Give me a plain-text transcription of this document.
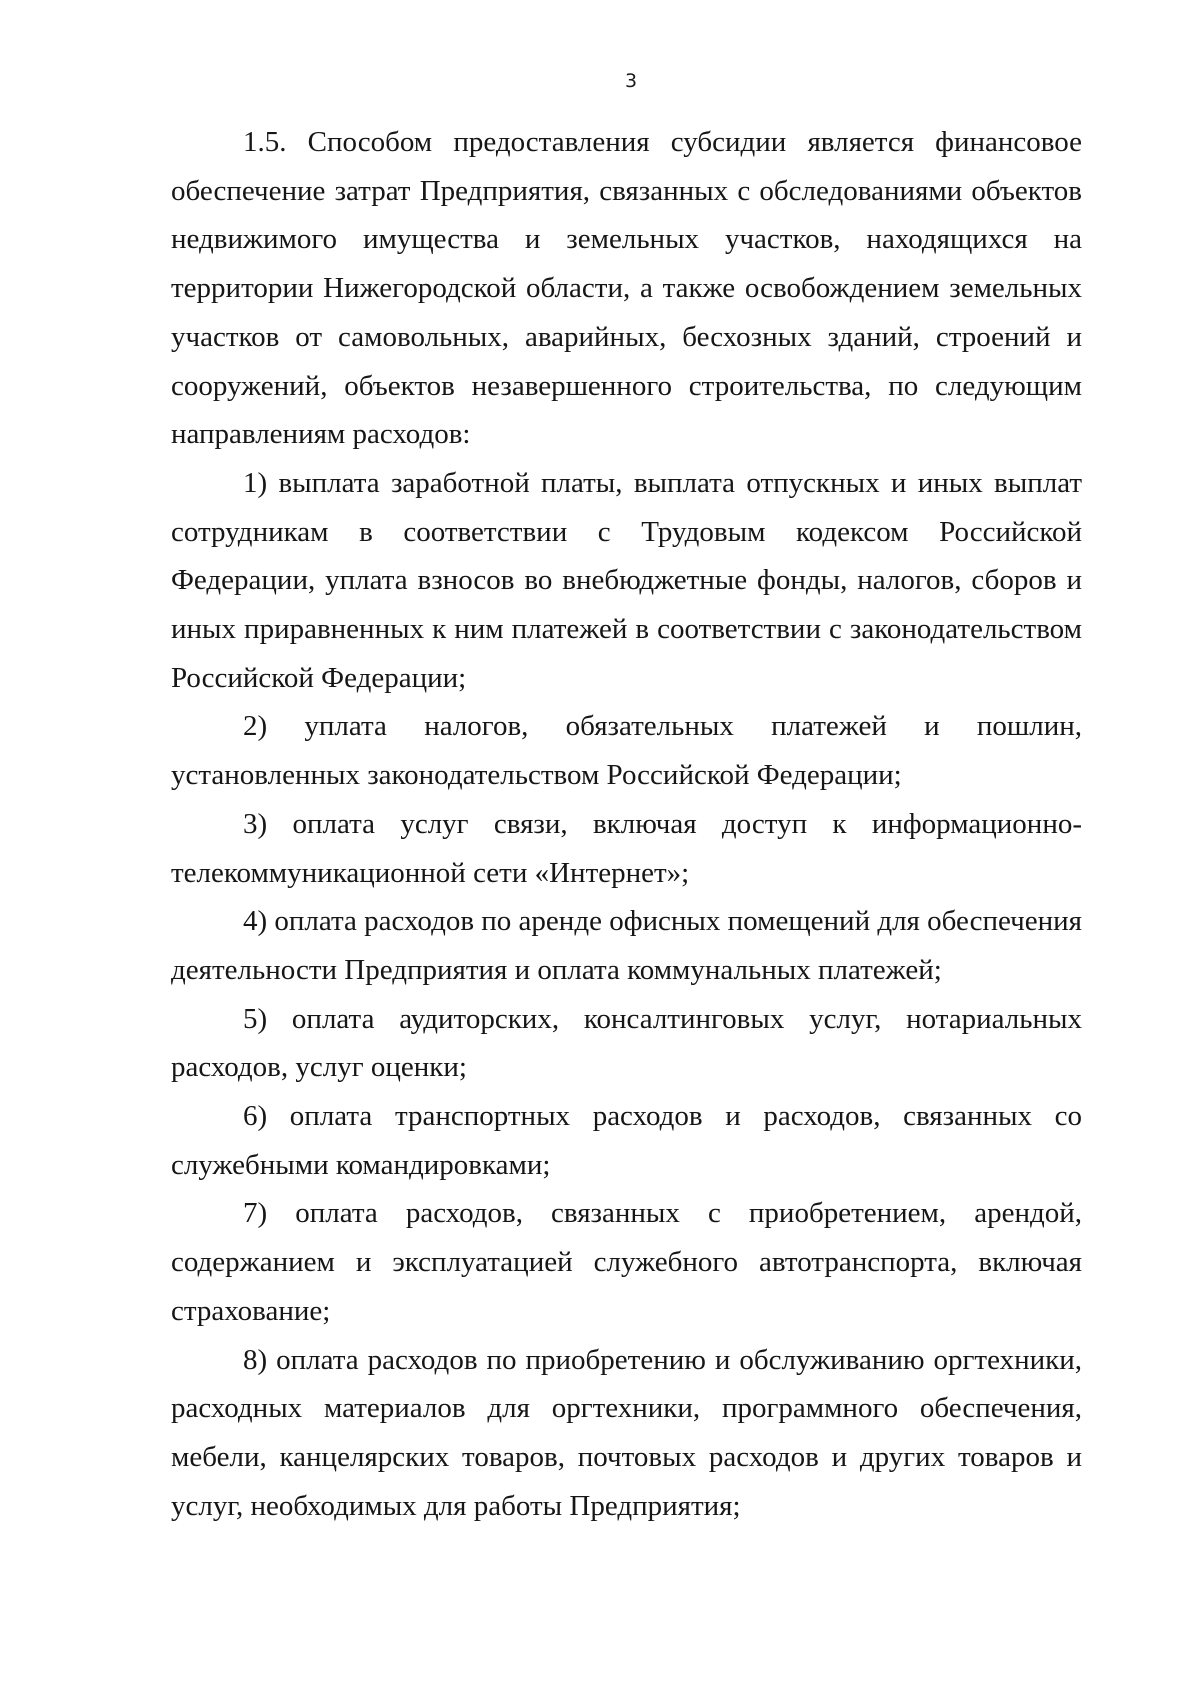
3

1.5. Способом предоставления субсидии является финансовое обеспечение затрат Предприятия, связанных с обследованиями объектов недвижимого имущества и земельных участков, находящихся на территории Нижегородской области, а также освобождением земельных участков от самовольных, аварийных, бесхозных зданий, строений и сооружений, объектов незавершенного строительства, по следующим направлениям расходов:

1) выплата заработной платы, выплата отпускных и иных выплат сотрудникам в соответствии с Трудовым кодексом Российской Федерации, уплата взносов во внебюджетные фонды, налогов, сборов и иных приравненных к ним платежей в соответствии с законодательством Российской Федерации;

2) уплата налогов, обязательных платежей и пошлин, установленных законодательством Российской Федерации;

3) оплата услуг связи, включая доступ к информационно-телекоммуникационной сети «Интернет»;

4) оплата расходов по аренде офисных помещений для обеспечения деятельности Предприятия и оплата коммунальных платежей;

5) оплата аудиторских, консалтинговых услуг, нотариальных расходов, услуг оценки;

6) оплата транспортных расходов и расходов, связанных со служебными командировками;

7) оплата расходов, связанных с приобретением, арендой, содержанием и эксплуатацией служебного автотранспорта, включая страхование;

8) оплата расходов по приобретению и обслуживанию оргтехники, расходных материалов для оргтехники, программного обеспечения, мебели, канцелярских товаров, почтовых расходов и других товаров и услуг, необходимых для работы Предприятия;
